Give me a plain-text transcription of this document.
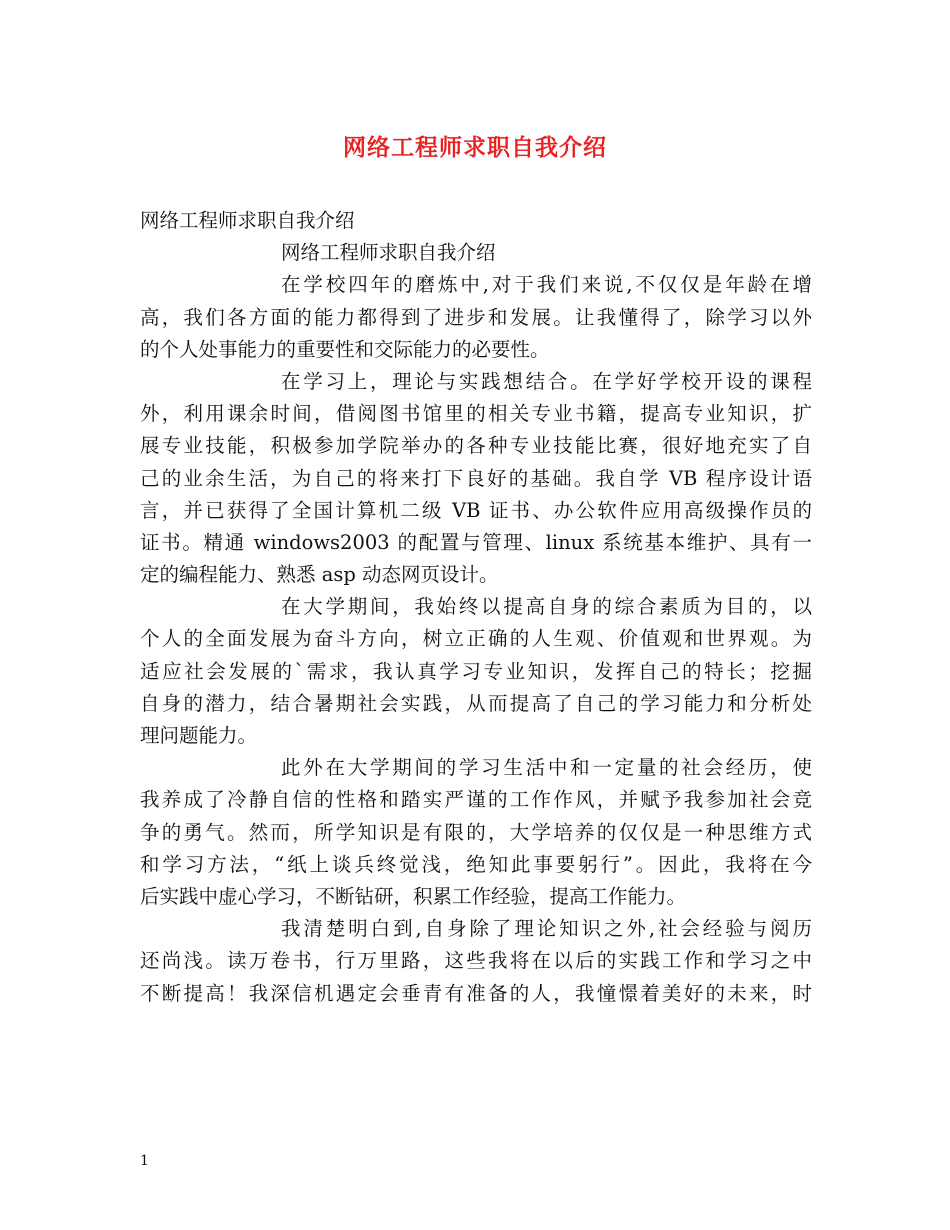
网络工程师求职自我介绍
网络工程师求职自我介绍
网络工程师求职自我介绍
在学校四年的磨炼中,对于我们来说,不仅仅是年龄在增
高，我们各方面的能力都得到了进步和发展。让我懂得了，除学习以外
的个人处事能力的重要性和交际能力的必要性。
在学习上，理论与实践想结合。在学好学校开设的课程
外，利用课余时间，借阅图书馆里的相关专业书籍，提高专业知识，扩
展专业技能，积极参加学院举办的各种专业技能比赛，很好地充实了自
己的业余生活，为自己的将来打下良好的基础。我自学 VB 程序设计语
言，并已获得了全国计算机二级 VB 证书、办公软件应用高级操作员的
证书。精通 windows2003 的配置与管理、linux 系统基本维护、具有一
定的编程能力、熟悉 asp 动态网页设计。
在大学期间，我始终以提高自身的综合素质为目的，以
个人的全面发展为奋斗方向，树立正确的人生观、价值观和世界观。为
适应社会发展的`需求，我认真学习专业知识，发挥自己的特长；挖掘
自身的潜力，结合暑期社会实践，从而提高了自己的学习能力和分析处
理问题能力。
此外在大学期间的学习生活中和一定量的社会经历，使
我养成了冷静自信的性格和踏实严谨的工作作风，并赋予我参加社会竞
争的勇气。然而，所学知识是有限的，大学培养的仅仅是一种思维方式
和学习方法，“纸上谈兵终觉浅，绝知此事要躬行”。因此，我将在今
后实践中虚心学习，不断钻研，积累工作经验，提高工作能力。
我清楚明白到,自身除了理论知识之外,社会经验与阅历
还尚浅。读万卷书，行万里路，这些我将在以后的实践工作和学习之中
不断提高！我深信机遇定会垂青有准备的人，我憧憬着美好的未来，时
1
